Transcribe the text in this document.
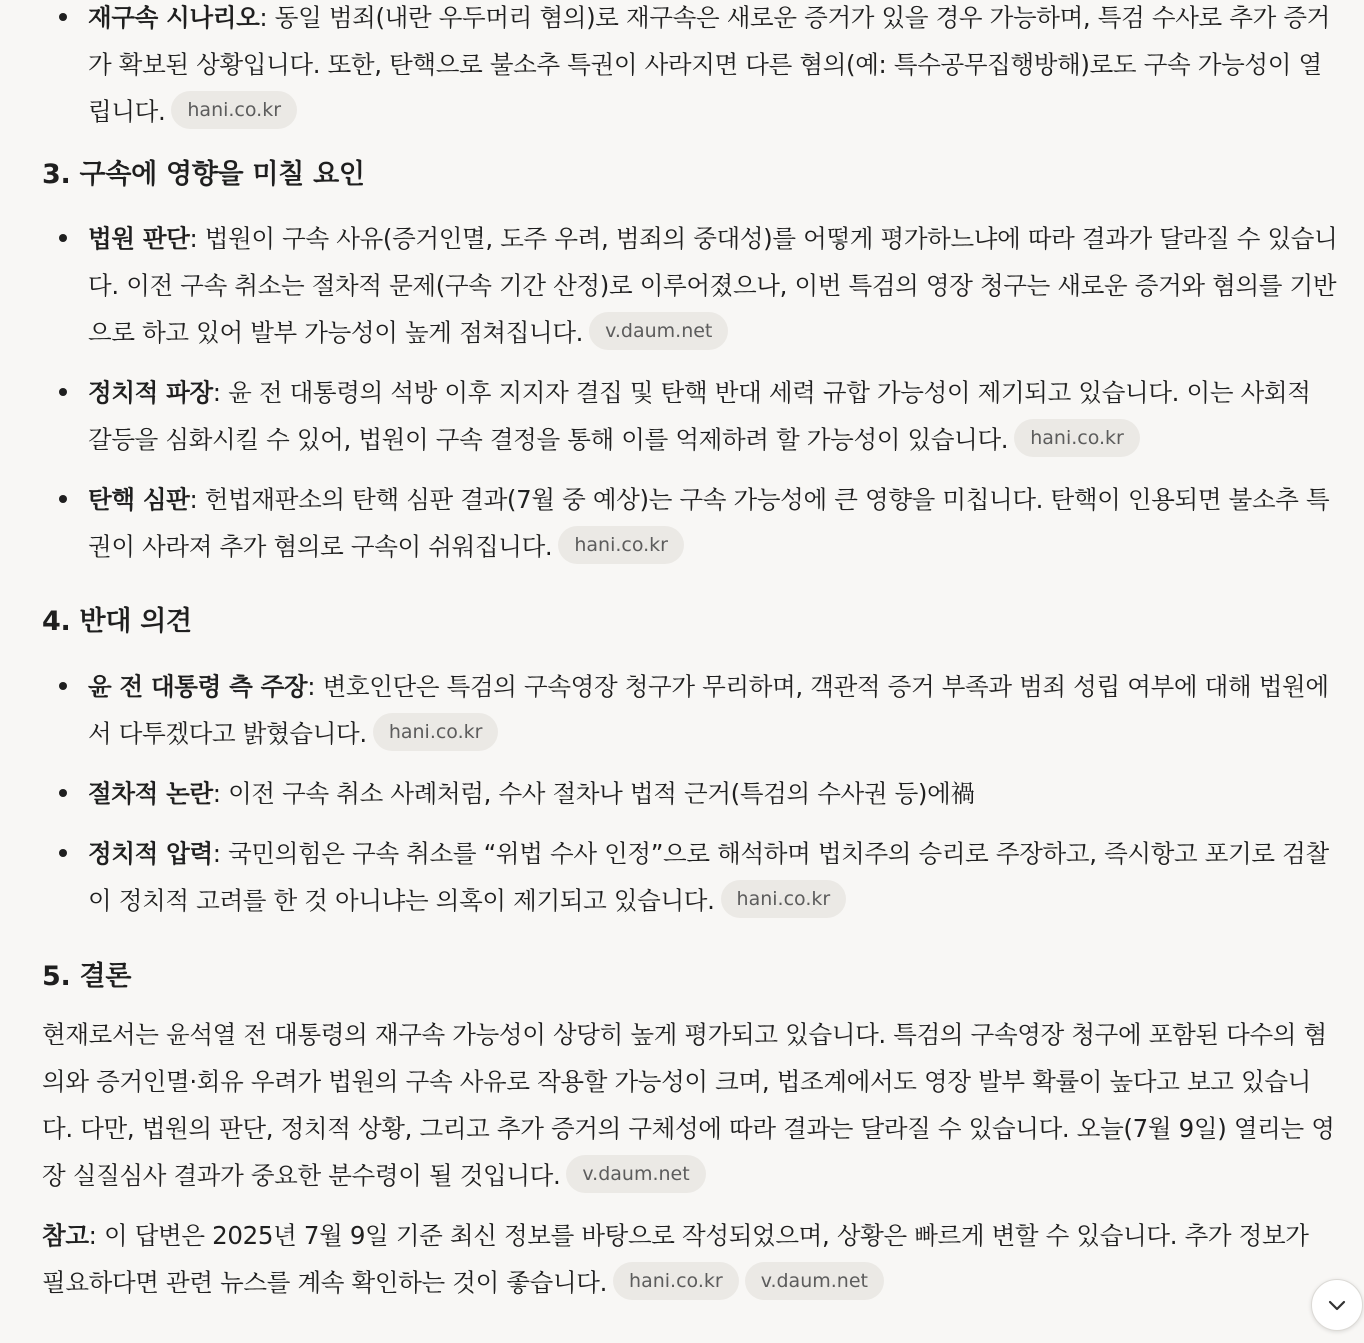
재구속 시나리오: 동일 범죄(내란 우두머리 혐의)로 재구속은 새로운 증거가 있을 경우 가능하며, 특검 수사로 추가 증거가 확보된 상황입니다. 또한, 탄핵으로 불소추 특권이 사라지면 다른 혐의(예: 특수공무집행방해)로도 구속 가능성이 열립니다. hani.co.kr
3. 구속에 영향을 미칠 요인
법원 판단: 법원이 구속 사유(증거인멸, 도주 우려, 범죄의 중대성)를 어떻게 평가하느냐에 따라 결과가 달라질 수 있습니다. 이전 구속 취소는 절차적 문제(구속 기간 산정)로 이루어졌으나, 이번 특검의 영장 청구는 새로운 증거와 혐의를 기반으로 하고 있어 발부 가능성이 높게 점쳐집니다. v.daum.net
정치적 파장: 윤 전 대통령의 석방 이후 지지자 결집 및 탄핵 반대 세력 규합 가능성이 제기되고 있습니다. 이는 사회적 갈등을 심화시킬 수 있어, 법원이 구속 결정을 통해 이를 억제하려 할 가능성이 있습니다. hani.co.kr
탄핵 심판: 헌법재판소의 탄핵 심판 결과(7월 중 예상)는 구속 가능성에 큰 영향을 미칩니다. 탄핵이 인용되면 불소추 특권이 사라져 추가 혐의로 구속이 쉬워집니다. hani.co.kr
4. 반대 의견
윤 전 대통령 측 주장: 변호인단은 특검의 구속영장 청구가 무리하며, 객관적 증거 부족과 범죄 성립 여부에 대해 법원에서 다투겠다고 밝혔습니다. hani.co.kr
절차적 논란: 이전 구속 취소 사례처럼, 수사 절차나 법적 근거(특검의 수사권 등)에禍
정치적 압력: 국민의힘은 구속 취소를 “위법 수사 인정”으로 해석하며 법치주의 승리로 주장하고, 즉시항고 포기로 검찰이 정치적 고려를 한 것 아니냐는 의혹이 제기되고 있습니다. hani.co.kr
5. 결론

현재로서는 윤석열 전 대통령의 재구속 가능성이 상당히 높게 평가되고 있습니다. 특검의 구속영장 청구에 포함된 다수의 혐의와 증거인멸·회유 우려가 법원의 구속 사유로 작용할 가능성이 크며, 법조계에서도 영장 발부 확률이 높다고 보고 있습니다. 다만, 법원의 판단, 정치적 상황, 그리고 추가 증거의 구체성에 따라 결과는 달라질 수 있습니다. 오늘(7월 9일) 열리는 영장 실질심사 결과가 중요한 분수령이 될 것입니다. v.daum.net

참고: 이 답변은 2025년 7월 9일 기준 최신 정보를 바탕으로 작성되었으며, 상황은 빠르게 변할 수 있습니다. 추가 정보가 필요하다면 관련 뉴스를 계속 확인하는 것이 좋습니다. hani.co.kr v.daum.net
